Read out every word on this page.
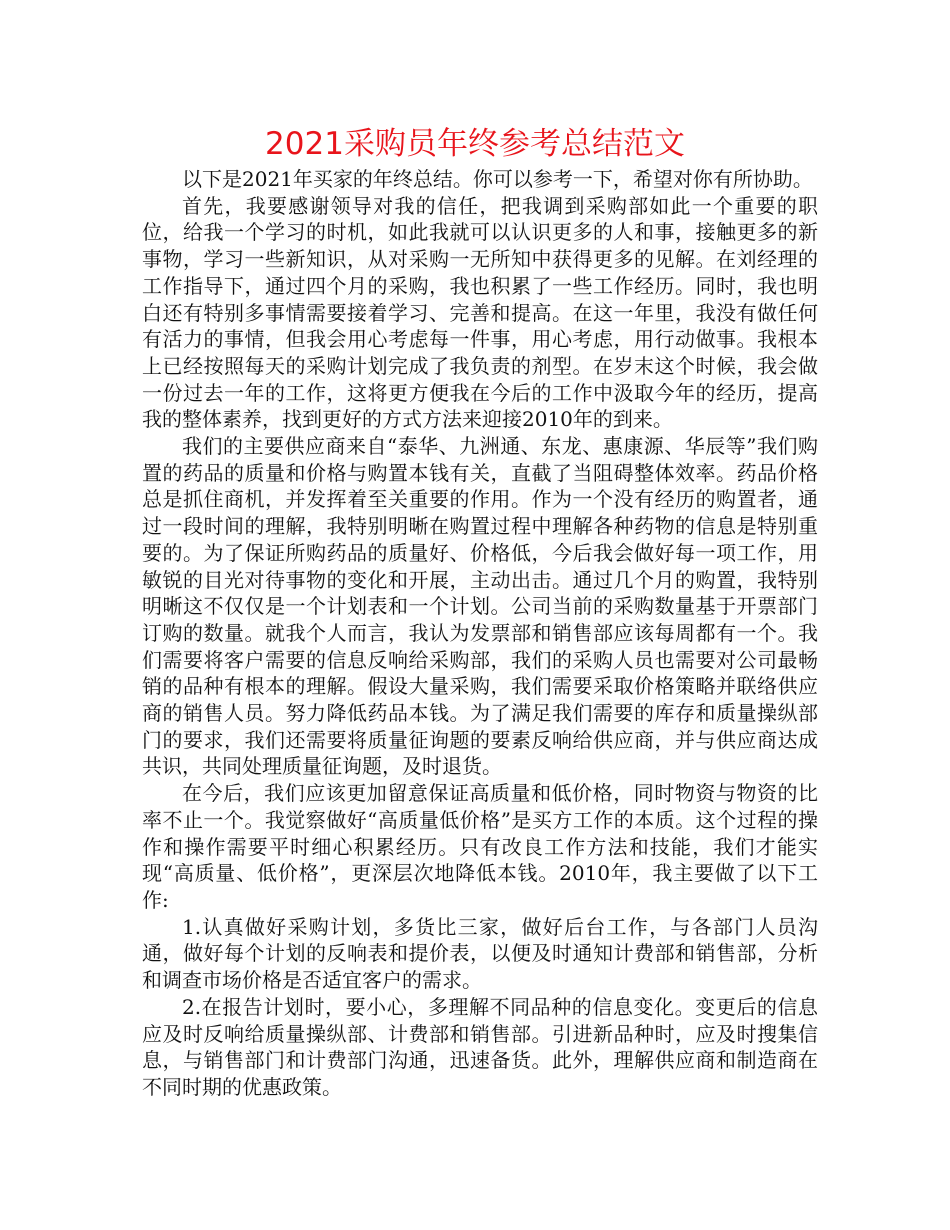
2021采购员年终参考总结范文

以下是2021年买家的年终总结。你可以参考一下，希望对你有所协助。

首先，我要感谢领导对我的信任，把我调到采购部如此一个重要的职位，给我一个学习的时机，如此我就可以认识更多的人和事，接触更多的新事物，学习一些新知识，从对采购一无所知中获得更多的见解。在刘经理的工作指导下，通过四个月的采购，我也积累了一些工作经历。同时，我也明白还有特别多事情需要接着学习、完善和提高。在这一年里，我没有做任何有活力的事情，但我会用心考虑每一件事，用心考虑，用行动做事。我根本上已经按照每天的采购计划完成了我负责的剂型。在岁末这个时候，我会做一份过去一年的工作，这将更方便我在今后的工作中汲取今年的经历，提高我的整体素养，找到更好的方式方法来迎接2010年的到来。

我们的主要供应商来自“泰华、九洲通、东龙、惠康源、华辰等”我们购置的药品的质量和价格与购置本钱有关，直截了当阻碍整体效率。药品价格总是抓住商机，并发挥着至关重要的作用。作为一个没有经历的购置者，通过一段时间的理解，我特别明晰在购置过程中理解各种药物的信息是特别重要的。为了保证所购药品的质量好、价格低，今后我会做好每一项工作，用敏锐的目光对待事物的变化和开展，主动出击。通过几个月的购置，我特别明晰这不仅仅是一个计划表和一个计划。公司当前的采购数量基于开票部门订购的数量。就我个人而言，我认为发票部和销售部应该每周都有一个。我们需要将客户需要的信息反响给采购部，我们的采购人员也需要对公司最畅销的品种有根本的理解。假设大量采购，我们需要采取价格策略并联络供应商的销售人员。努力降低药品本钱。为了满足我们需要的库存和质量操纵部门的要求，我们还需要将质量征询题的要素反响给供应商，并与供应商达成共识，共同处理质量征询题，及时退货。

在今后，我们应该更加留意保证高质量和低价格，同时物资与物资的比率不止一个。我觉察做好“高质量低价格”是买方工作的本质。这个过程的操作和操作需要平时细心积累经历。只有改良工作方法和技能，我们才能实现“高质量、低价格”，更深层次地降低本钱。2010年，我主要做了以下工作:

1.认真做好采购计划，多货比三家，做好后台工作，与各部门人员沟通，做好每个计划的反响表和提价表，以便及时通知计费部和销售部，分析和调查市场价格是否适宜客户的需求。

2.在报告计划时，要小心，多理解不同品种的信息变化。变更后的信息应及时反响给质量操纵部、计费部和销售部。引进新品种时，应及时搜集信息，与销售部门和计费部门沟通，迅速备货。此外，理解供应商和制造商在不同时期的优惠政策。
